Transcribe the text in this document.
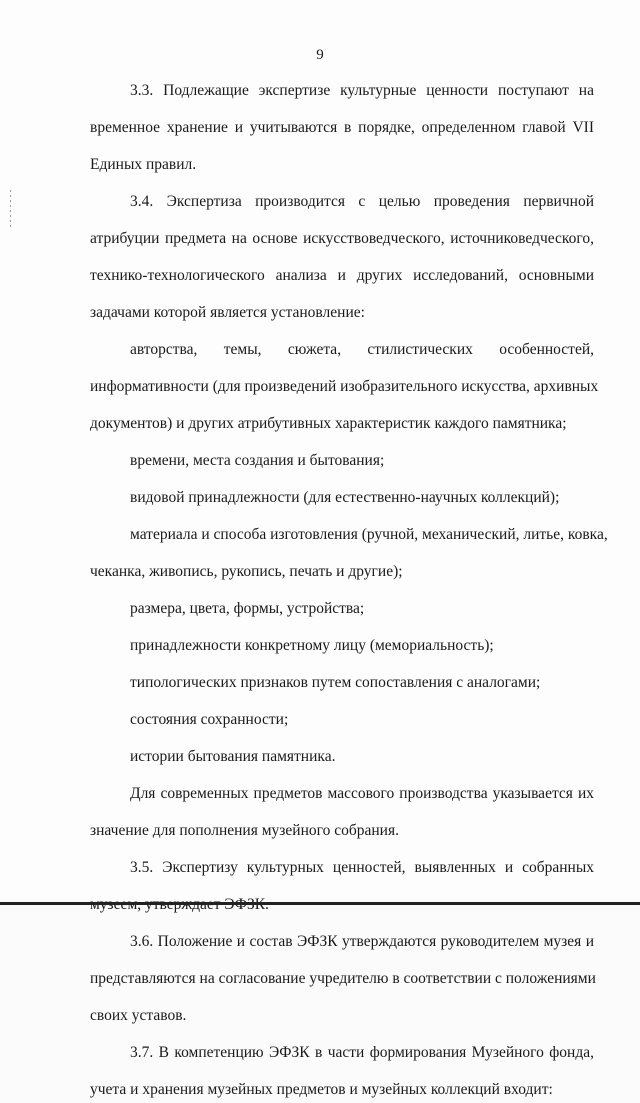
9
3.3. Подлежащие экспертизе культурные ценности поступают на
временное хранение и учитываются в порядке, определенном главой VII
Единых правил.
3.4. Экспертиза производится с целью проведения первичной
атрибуции предмета на основе искусствоведческого, источниковедческого,
технико-технологического анализа и других исследований, основными
задачами которой является установление:
авторства, темы, сюжета, стилистических особенностей,
информативности (для произведений изобразительного искусства, архивных
документов) и других атрибутивных характеристик каждого памятника;
времени, места создания и бытования;
видовой принадлежности (для естественно-научных коллекций);
материала и способа изготовления (ручной, механический, литье, ковка,
чеканка, живопись, рукопись, печать и другие);
размера, цвета, формы, устройства;
принадлежности конкретному лицу (мемориальность);
типологических признаков путем сопоставления с аналогами;
состояния сохранности;
истории бытования памятника.
Для современных предметов массового производства указывается их
значение для пополнения музейного собрания.
3.5. Экспертизу культурных ценностей, выявленных и собранных
3.6. Положение и состав ЭФЗК утверждаются руководителем музея и
представляются на согласование учредителю в соответствии с положениями
своих уставов.
3.7. В компетенцию ЭФЗК в части формирования Музейного фонда,
учета и хранения музейных предметов и музейных коллекций входит:
